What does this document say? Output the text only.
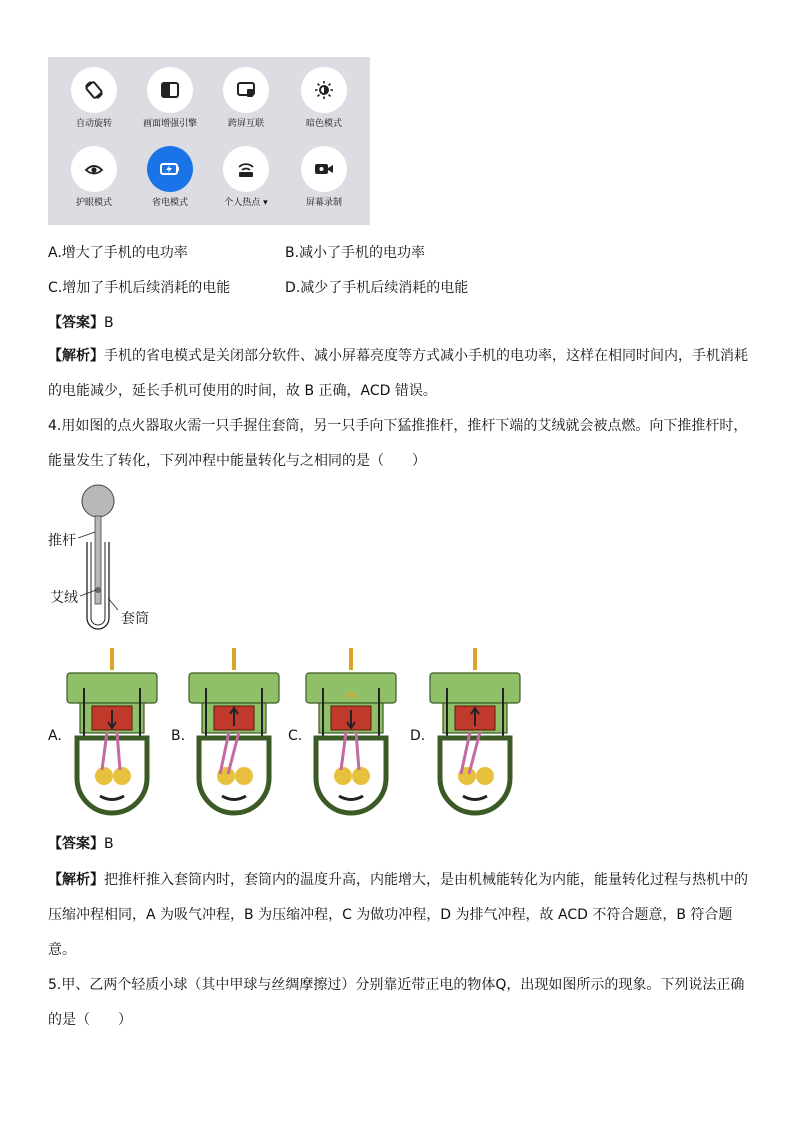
自动旋转	画面增强引擎	跨屏互联	暗色模式
护眼模式	省电模式	个人热点 ▾	屏幕录制
A.增大了手机的电功率	B.减小了手机的电功率
C.增加了手机后续消耗的电能	D.减少了手机后续消耗的电能
【答案】B
【解析】手机的省电模式是关闭部分软件、减小屏幕亮度等方式减小手机的电功率，这样在相同时间内，手机消耗的电能减少，延长手机可使用的时间，故 B 正确，ACD 错误。
4.用如图的点火器取火需一只手握住套筒，另一只手向下猛推推杆，推杆下端的艾绒就会被点燃。向下推推杆时，能量发生了转化，下列冲程中能量转化与之相同的是（　　）
推杆
艾绒
套筒
A.	B.	C.	D.
【答案】B
【解析】把推杆推入套筒内时，套筒内的温度升高，内能增大，是由机械能转化为内能，能量转化过程与热机中的压缩冲程相同，A 为吸气冲程，B 为压缩冲程，C 为做功冲程，D 为排气冲程，故 ACD 不符合题意，B 符合题意。
5.甲、乙两个轻质小球（其中甲球与丝绸摩擦过）分别靠近带正电的物体Q，出现如图所示的现象。下列说法正确的是（　　）
